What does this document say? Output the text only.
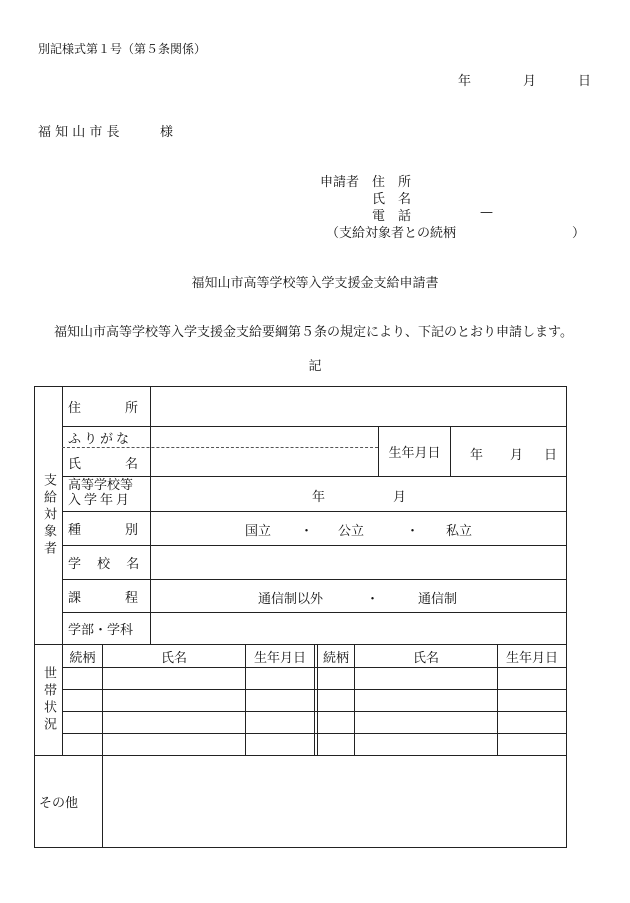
別記様式第１号（第５条関係）
年	月	日
福 知 山 市 長	様
申請者 住　所
氏　名
電　話	—
（支給対象者との続柄	）
福知山市高等学校等入学支援金支給申請書
福知山市高等学校等入学支援金支給要綱第５条の規定により、下記のとおり申請します。
記
支給対象者
住　　所
ふりがな
氏　　名
生年月日	年 月 日
高等学校等
入学年月	年	月
種　　別	国立 ・ 公立	・ 私立
学 校 名
課　　程	通信制以外	・	通信制
学部・学科
世帯状況
続柄	氏名	生年月日	続柄	氏名	生年月日
その他
